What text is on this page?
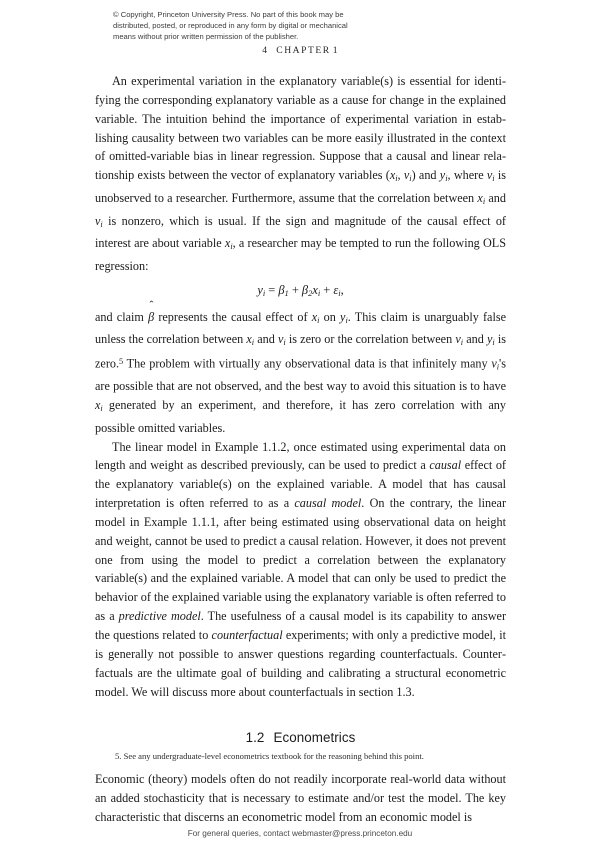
© Copyright, Princeton University Press. No part of this book may be
distributed, posted, or reproduced in any form by digital or mechanical
means without prior written permission of the publisher.
4 CHAPTER 1

An experimental variation in the explanatory variable(s) is essential for identifying the corresponding explanatory variable as a cause for change in the explained variable. The intuition behind the importance of experimental variation in establishing causality between two variables can be more easily illustrated in the context of omitted-variable bias in linear regression. Suppose that a causal and linear relationship exists between the vector of explanatory variables ($x_i$, $v_i$) and $y_i$, where $v_i$ is unobserved to a researcher. Furthermore, assume that the correlation between $x_i$ and $v_i$ is nonzero, which is usual. If the sign and magnitude of the causal effect of interest are about variable $x_i$, a researcher may be tempted to run the following OLS regression:

$y_i = \beta_1 + \beta_2x_i + \varepsilon_i$,

and claim ˆ β represents the causal effect of $x_i$ on $y_i$. This claim is unarguably false unless the correlation between $x_i$ and $v_i$ is zero or the correlation between $v_i$ and $y_i$ is zero.$^5$ The problem with virtually any observational data is that infinitely many $v_i's$ are possible that are not observed, and the best way to avoid this situation is to have $x_i$ generated by an experiment, and therefore, it has zero correlation with any possible omitted variables.

The linear model in Example 1.1.2, once estimated using experimental data on length and weight as described previously, can be used to predict a causal effect of the explanatory variable(s) on the explained variable. A model that has causal interpretation is often referred to as a causal model. On the contrary, the linear model in Example 1.1.1, after being estimated using observational data on height and weight, cannot be used to predict a causal relation. However, it does not prevent one from using the model to predict a correlation between the explanatory variable(s) and the explained variable. A model that can only be used to predict the behavior of the explained variable using the explanatory variable is often referred to as a predictive model. The usefulness of a causal model is its capability to answer the questions related to counterfactual experiments; with only a predictive model, it is generally not possible to answer questions regarding counterfactuals. Counterfactuals are the ultimate goal of building and calibrating a structural econometric model. We will discuss more about counterfactuals in section 1.3.

1.2 Econometrics

Economic (theory) models often do not readily incorporate real-world data without an added stochasticity that is necessary to estimate and/or test the model. The key characteristic that discerns an econometric model from an economic model is

5. See any undergraduate-level econometrics textbook for the reasoning behind this point.
For general queries, contact webmaster@press.princeton.edu
